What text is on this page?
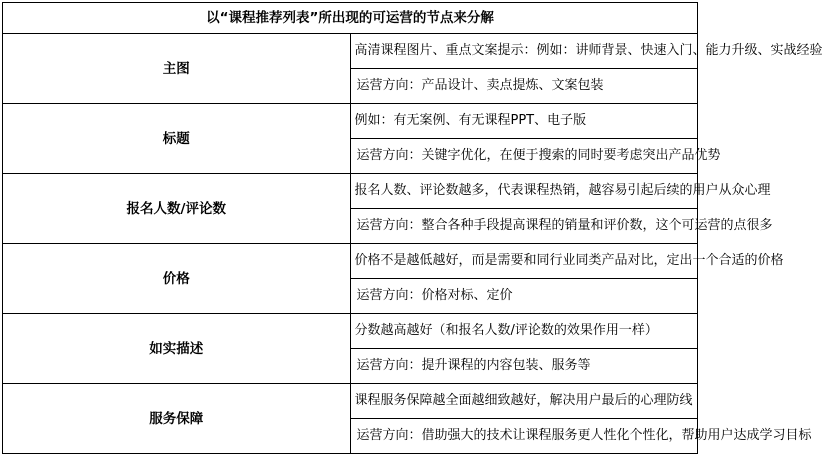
以“课程推荐列表”所出现的可运营的节点来分解	
主图	高清课程图片、重点文案提示：例如：讲师背景、快速入门、能力升级、实战经验
	运营方向：产品设计、卖点提炼、文案包装
标题	例如：有无案例、有无课程PPT、电子版
	运营方向：关键字优化，在便于搜索的同时要考虑突出产品优势
报名人数/评论数	报名人数、评论数越多，代表课程热销，越容易引起后续的用户从众心理
	运营方向：整合各种手段提高课程的销量和评价数，这个可运营的点很多
价格	价格不是越低越好，而是需要和同行业同类产品对比，定出一个合适的价格
	运营方向：价格对标、定价
如实描述	分数越高越好（和报名人数/评论数的效果作用一样）
	运营方向：提升课程的内容包装、服务等
服务保障	课程服务保障越全面越细致越好，解决用户最后的心理防线
	运营方向：借助强大的技术让课程服务更人性化个性化，帮助用户达成学习目标
